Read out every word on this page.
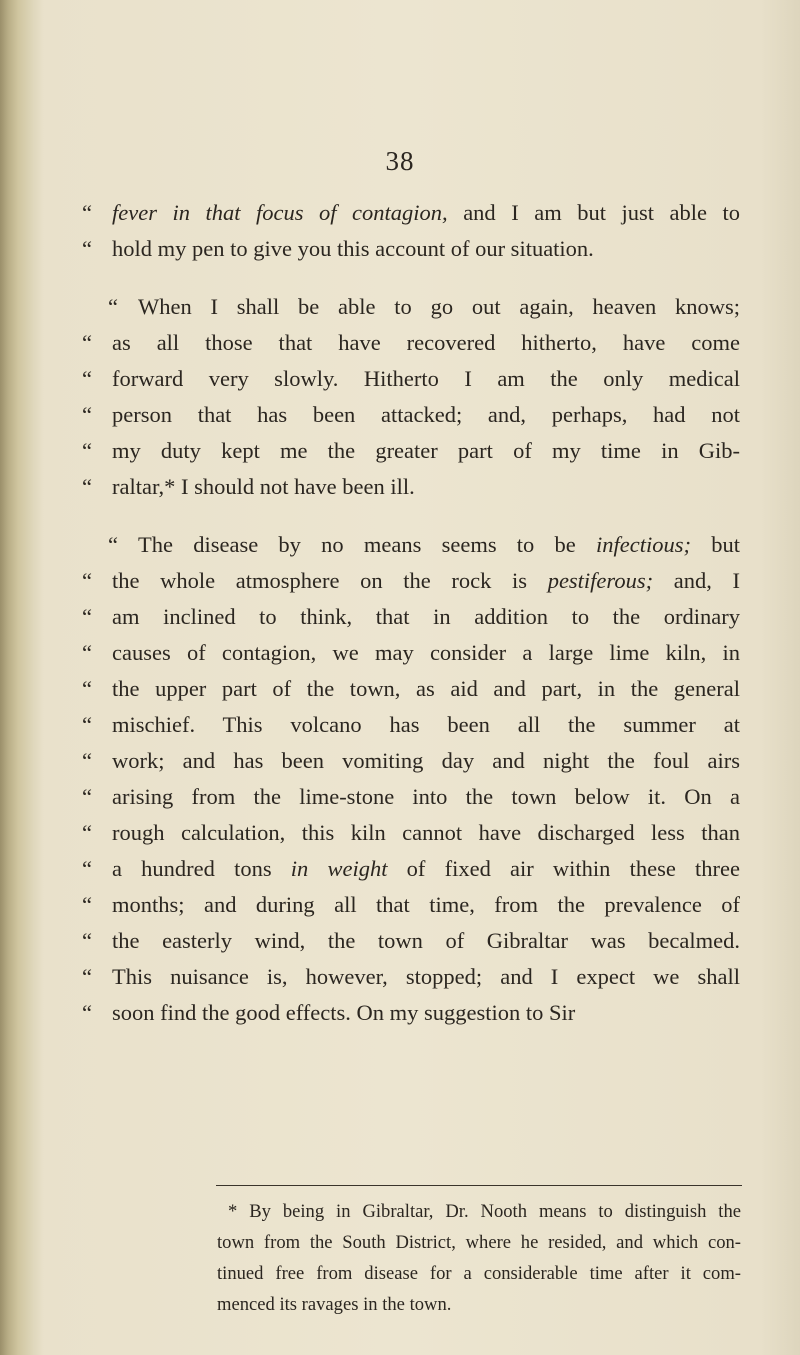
38
“ fever in that focus of contagion, and I am but just able to
“ hold my pen to give you this account of our situation.
“ When I shall be able to go out again, heaven knows;
“ as all those that have recovered hitherto, have come
“ forward very slowly. Hitherto I am the only medical
“ person that has been attacked; and, perhaps, had not
“ my duty kept me the greater part of my time in Gib-
“ raltar,* I should not have been ill.
“ The disease by no means seems to be infectious; but
“ the whole atmosphere on the rock is pestiferous; and, I
“ am inclined to think, that in addition to the ordinary
“ causes of contagion, we may consider a large lime kiln, in
“ the upper part of the town, as aid and part, in the general
“ mischief. This volcano has been all the summer at
“ work; and has been vomiting day and night the foul airs
“ arising from the lime-stone into the town below it. On a
“ rough calculation, this kiln cannot have discharged less than
“ a hundred tons in weight of fixed air within these three
“ months; and during all that time, from the prevalence of
“ the easterly wind, the town of Gibraltar was becalmed.
“ This nuisance is, however, stopped; and I expect we shall
“ soon find the good effects. On my suggestion to Sir
* By being in Gibraltar, Dr. Nooth means to distinguish the
town from the South District, where he resided, and which con-
tinued free from disease for a considerable time after it com-
menced its ravages in the town.
